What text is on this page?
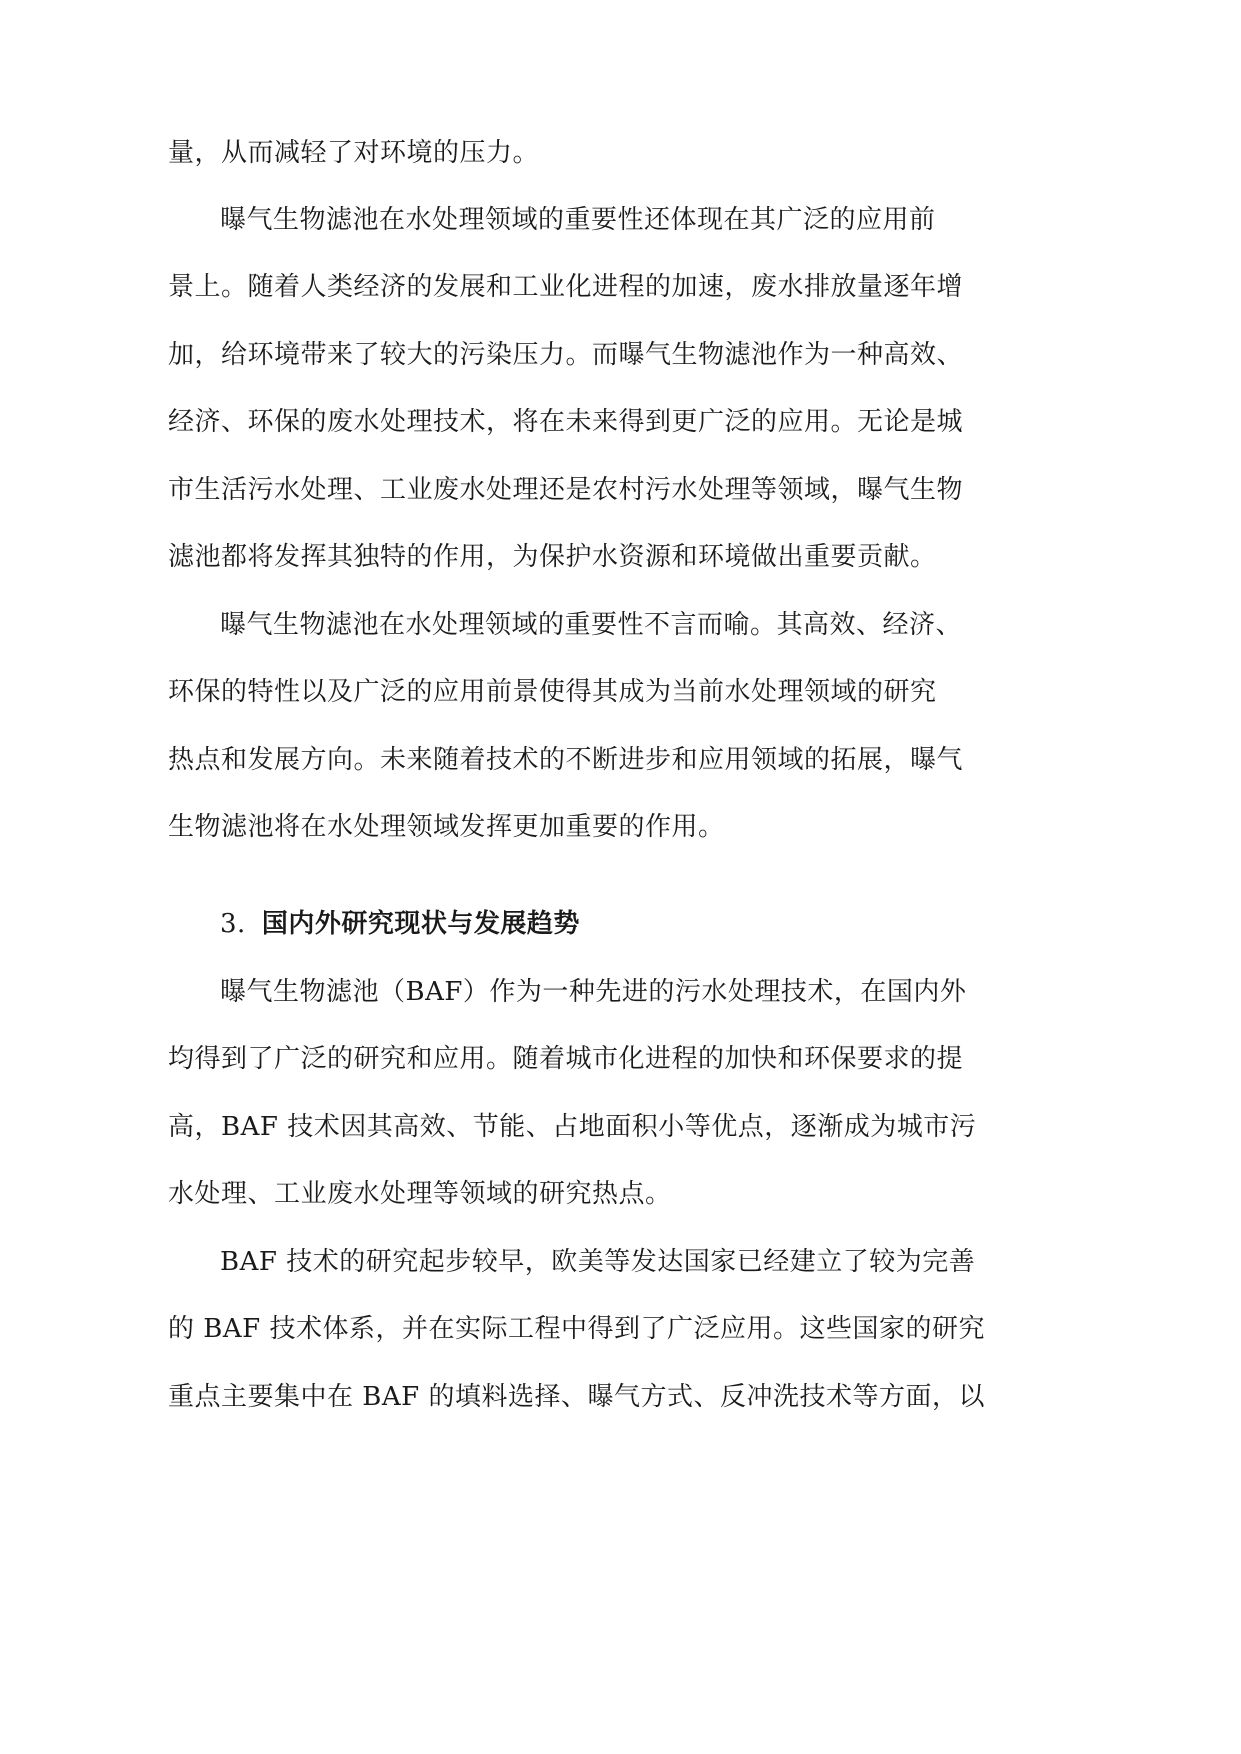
量，从而减轻了对环境的压力。

曝气生物滤池在水处理领域的重要性还体现在其广泛的应用前

景上。随着人类经济的发展和工业化进程的加速，废水排放量逐年增

加，给环境带来了较大的污染压力。而曝气生物滤池作为一种高效、

经济、环保的废水处理技术，将在未来得到更广泛的应用。无论是城

市生活污水处理、工业废水处理还是农村污水处理等领域，曝气生物

滤池都将发挥其独特的作用，为保护水资源和环境做出重要贡献。

曝气生物滤池在水处理领域的重要性不言而喻。其高效、经济、

环保的特性以及广泛的应用前景使得其成为当前水处理领域的研究

热点和发展方向。未来随着技术的不断进步和应用领域的拓展，曝气

生物滤池将在水处理领域发挥更加重要的作用。

3. 国内外研究现状与发展趋势

曝气生物滤池（BAF）作为一种先进的污水处理技术，在国内外

均得到了广泛的研究和应用。随着城市化进程的加快和环保要求的提

高，BAF 技术因其高效、节能、占地面积小等优点，逐渐成为城市污

水处理、工业废水处理等领域的研究热点。

BAF 技术的研究起步较早，欧美等发达国家已经建立了较为完善

的 BAF 技术体系，并在实际工程中得到了广泛应用。这些国家的研究

重点主要集中在 BAF 的填料选择、曝气方式、反冲洗技术等方面，以
